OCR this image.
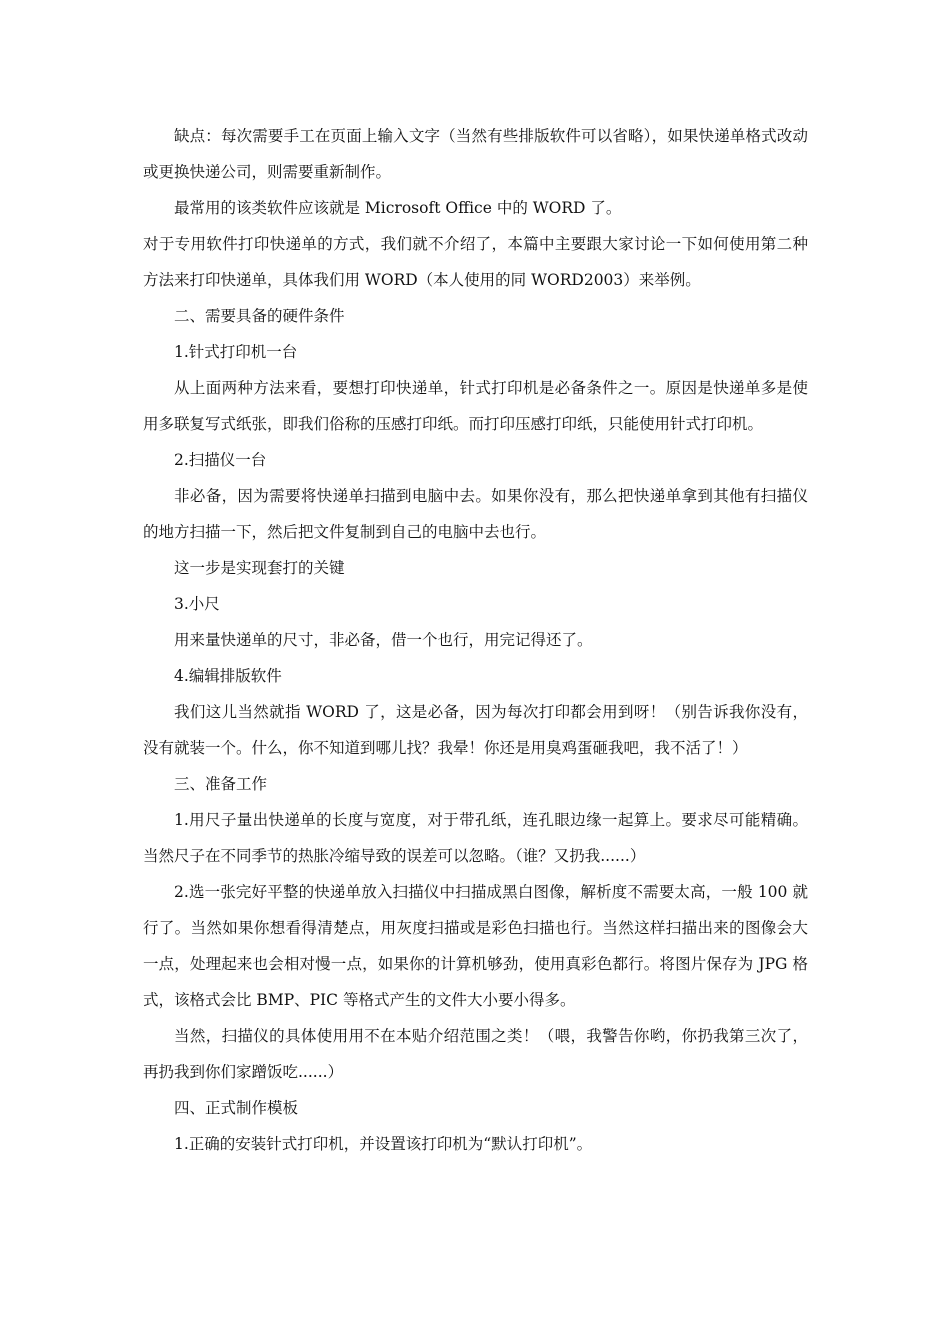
缺点：每次需要手工在页面上输入文字（当然有些排版软件可以省略），如果快递单格式改动或更换快递公司，则需要重新制作。

最常用的该类软件应该就是 Microsoft Office 中的 WORD 了。

对于专用软件打印快递单的方式，我们就不介绍了，本篇中主要跟大家讨论一下如何使用第二种方法来打印快递单，具体我们用 WORD（本人使用的同 WORD2003）来举例。

二、需要具备的硬件条件

1.针式打印机一台

从上面两种方法来看，要想打印快递单，针式打印机是必备条件之一。原因是快递单多是使用多联复写式纸张，即我们俗称的压感打印纸。而打印压感打印纸，只能使用针式打印机。

2.扫描仪一台

非必备，因为需要将快递单扫描到电脑中去。如果你没有，那么把快递单拿到其他有扫描仪的地方扫描一下，然后把文件复制到自己的电脑中去也行。

这一步是实现套打的关键

3.小尺

用来量快递单的尺寸，非必备，借一个也行，用完记得还了。

4.编辑排版软件

我们这儿当然就指 WORD 了，这是必备，因为每次打印都会用到呀！（别告诉我你没有，没有就装一个。什么，你不知道到哪儿找？我晕！你还是用臭鸡蛋砸我吧，我不活了！）

三、准备工作

1.用尺子量出快递单的长度与宽度，对于带孔纸，连孔眼边缘一起算上。要求尽可能精确。当然尺子在不同季节的热胀冷缩导致的误差可以忽略。（谁？又扔我......）

2.选一张完好平整的快递单放入扫描仪中扫描成黑白图像，解析度不需要太高，一般 100 就行了。当然如果你想看得清楚点，用灰度扫描或是彩色扫描也行。当然这样扫描出来的图像会大一点，处理起来也会相对慢一点，如果你的计算机够劲，使用真彩色都行。将图片保存为 JPG 格式，该格式会比 BMP、PIC 等格式产生的文件大小要小得多。

当然，扫描仪的具体使用用不在本贴介绍范围之类！（喂，我警告你哟，你扔我第三次了，再扔我到你们家蹭饭吃......）

四、正式制作模板

1.正确的安装针式打印机，并设置该打印机为“默认打印机”。
